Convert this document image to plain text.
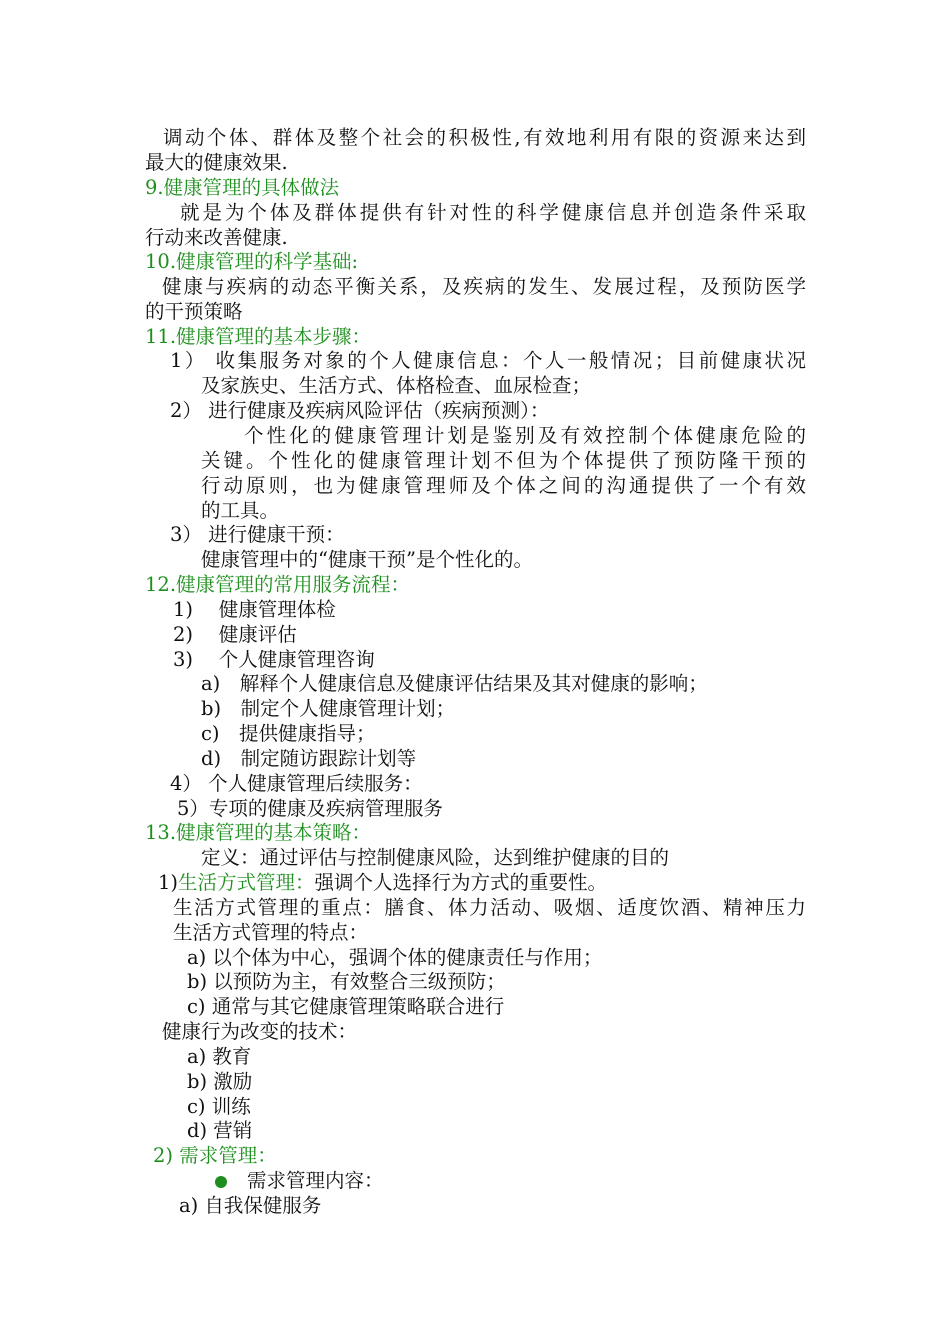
调动个体、群体及整个社会的积极性,有效地利用有限的资源来达到
最大的健康效果.
9.健康管理的具体做法
就是为个体及群体提供有针对性的科学健康信息并创造条件采取
行动来改善健康.
10.健康管理的科学基础:
健康与疾病的动态平衡关系，及疾病的发生、发展过程，及预防医学
的干预策略
11.健康管理的基本步骤：
1） 收集服务对象的个人健康信息：个人一般情况；目前健康状况
及家族史、生活方式、体格检查、血尿检查；
2） 进行健康及疾病风险评估（疾病预测）：
个性化的健康管理计划是鉴别及有效控制个体健康危险的
关键。个性化的健康管理计划不但为个体提供了预防隆干预的
行动原则，也为健康管理师及个体之间的沟通提供了一个有效
的工具。
3） 进行健康干预：
健康管理中的“健康干预”是个性化的。
12.健康管理的常用服务流程：
1)　 健康管理体检
2)　 健康评估
3)　 个人健康管理咨询
a)　解释个人健康信息及健康评估结果及其对健康的影响；
b)　制定个人健康管理计划；
c)　提供健康指导；
d)　制定随访跟踪计划等
4） 个人健康管理后续服务：
5）专项的健康及疾病管理服务
13.健康管理的基本策略：
定义：通过评估与控制健康风险，达到维护健康的目的
1)生活方式管理：强调个人选择行为方式的重要性。
生活方式管理的重点：膳食、体力活动、吸烟、适度饮酒、精神压力
生活方式管理的特点：
a) 以个体为中心，强调个体的健康责任与作用；
b) 以预防为主，有效整合三级预防；
c) 通常与其它健康管理策略联合进行
健康行为改变的技术：
a) 教育
b) 激励
c) 训练
d) 营销
2) 需求管理：
需求管理内容：
a) 自我保健服务
